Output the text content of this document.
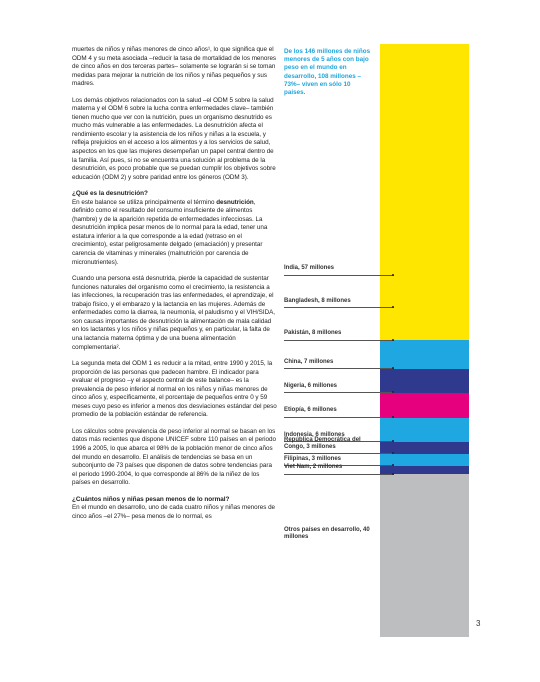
muertes de niños y niñas menores de cinco años¹, lo que significa que el ODM 4 y su meta asociada –reducir la tasa de mortalidad de los menores de cinco años en dos terceras partes– solamente se lograrán si se toman medidas para mejorar la nutrición de los niños y niñas pequeños y sus madres.

Los demás objetivos relacionados con la salud –el ODM 5 sobre la salud materna y el ODM 6 sobre la lucha contra enfermedades clave– también tienen mucho que ver con la nutrición, pues un organismo desnutrido es mucho más vulnerable a las enfermedades. La desnutrición afecta el rendimiento escolar y la asistencia de los niños y niñas a la escuela, y refleja prejuicios en el acceso a los alimentos y a los servicios de salud, aspectos en los que las mujeres desempeñan un papel central dentro de la familia. Así pues, si no se encuentra una solución al problema de la desnutrición, es poco probable que se puedan cumplir los objetivos sobre educación (ODM 2) y sobre paridad entre los géneros (ODM 3).

¿Qué es la desnutrición?

En este balance se utiliza principalmente el término desnutrición, definido como el resultado del consumo insuficiente de alimentos (hambre) y de la aparición repetida de enfermedades infecciosas. La desnutrición implica pesar menos de lo normal para la edad, tener una estatura inferior a la que corresponde a la edad (retraso en el crecimiento), estar peligrosamente delgado (emaciación) y presentar carencia de vitaminas y minerales (malnutrición por carencia de micronutrientes).

Cuando una persona está desnutrida, pierde la capacidad de sustentar funciones naturales del organismo como el crecimiento, la resistencia a las infecciones, la recuperación tras las enfermedades, el aprendizaje, el trabajo físico, y el embarazo y la lactancia en las mujeres. Además de enfermedades como la diarrea, la neumonía, el paludismo y el VIH/SIDA, son causas importantes de desnutrición la alimentación de mala calidad en los lactantes y los niños y niñas pequeños y, en particular, la falta de una lactancia materna óptima y de una buena alimentación complementaria².

La segunda meta del ODM 1 es reducir a la mitad, entre 1990 y 2015, la proporción de las personas que padecen hambre. El indicador para evaluar el progreso –y el aspecto central de este balance– es la prevalencia de peso inferior al normal en los niños y niñas menores de cinco años y, específicamente, el porcentaje de pequeños entre 0 y 59 meses cuyo peso es inferior a menos dos desviaciones estándar del peso promedio de la población estándar de referencia.

Los cálculos sobre prevalencia de peso inferior al normal se basan en los datos más recientes que dispone UNICEF sobre 110 países en el periodo 1996 a 2005, lo que abarca el 98% de la población menor de cinco años del mundo en desarrollo. El análisis de tendencias se basa en un subconjunto de 73 países que disponen de datos sobre tendencias para el periodo 1990-2004, lo que corresponde al 86% de la niñez de los países en desarrollo.

¿Cuántos niños y niñas pesan menos de lo normal?

En el mundo en desarrollo, uno de cada cuatro niños y niñas menores de cinco años –el 27%– pesa menos de lo normal, es

De los 146 millones de niños menores de 5 años con bajo peso en el mundo en desarrollo, 108 millones –73%– viven en sólo 10 países.
India, 57 millones
Bangladesh, 8 millones
Pakistán, 8 millones
China, 7 millones
Nigeria, 6 millones
Etiopía, 6 millones
Indonesia, 6 millones
República Democrática del Congo, 3 millones
Filipinas, 3 millones
Viet Nam, 2 millones
Otros países en desarrollo, 40 millones
3
